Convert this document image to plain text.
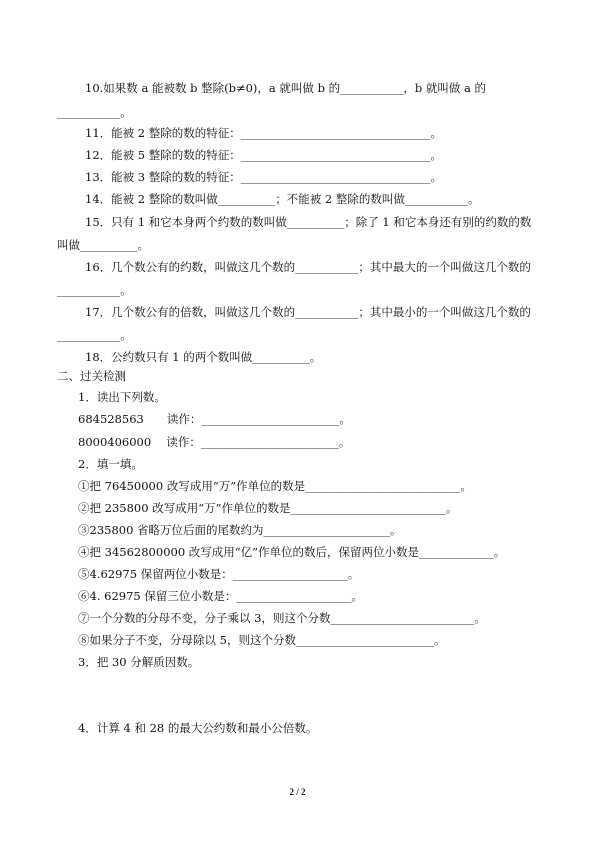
10.如果数 a 能被数 b 整除(b≠0)，a 就叫做 b 的___________，b 就叫做 a 的
___________。
11．能被 2 整除的数的特征：_________________________________。
12．能被 5 整除的数的特征：_________________________________。
13．能被 3 整除的数的特征：_________________________________。
14．能被 2 整除的数叫做__________；不能被 2 整除的数叫做___________。
15．只有 1 和它本身两个约数的数叫做__________；除了 1 和它本身还有别的约数的数
叫做__________。
16．几个数公有的约数，叫做这几个数的___________；其中最大的一个叫做这几个数的
___________。
17．几个数公有的倍数，叫做这几个数的___________；其中最小的一个叫做这几个数的
___________。
18．公约数只有 1 的两个数叫做__________。
二、过关检测
1．读出下列数。
684528563　　读作：________________________。
8000406000　 读作：________________________。
2．填一填。
①把 76450000 改写成用“万”作单位的数是___________________________。
②把 235800 改写成用“万”作单位的数是___________________________。
③235800 省略万位后面的尾数约为______________________。
④把 34562800000 改写成用“亿”作单位的数后，保留两位小数是_____________。
⑤4.62975 保留两位小数是：____________________。
⑥4. 62975 保留三位小数是：____________________。
⑦一个分数的分母不变，分子乘以 3，则这个分数_________________________。
⑧如果分子不变，分母除以 5，则这个分数________________________。
3．把 30 分解质因数。
4．计算 4 和 28 的最大公约数和最小公倍数。
2 / 2
